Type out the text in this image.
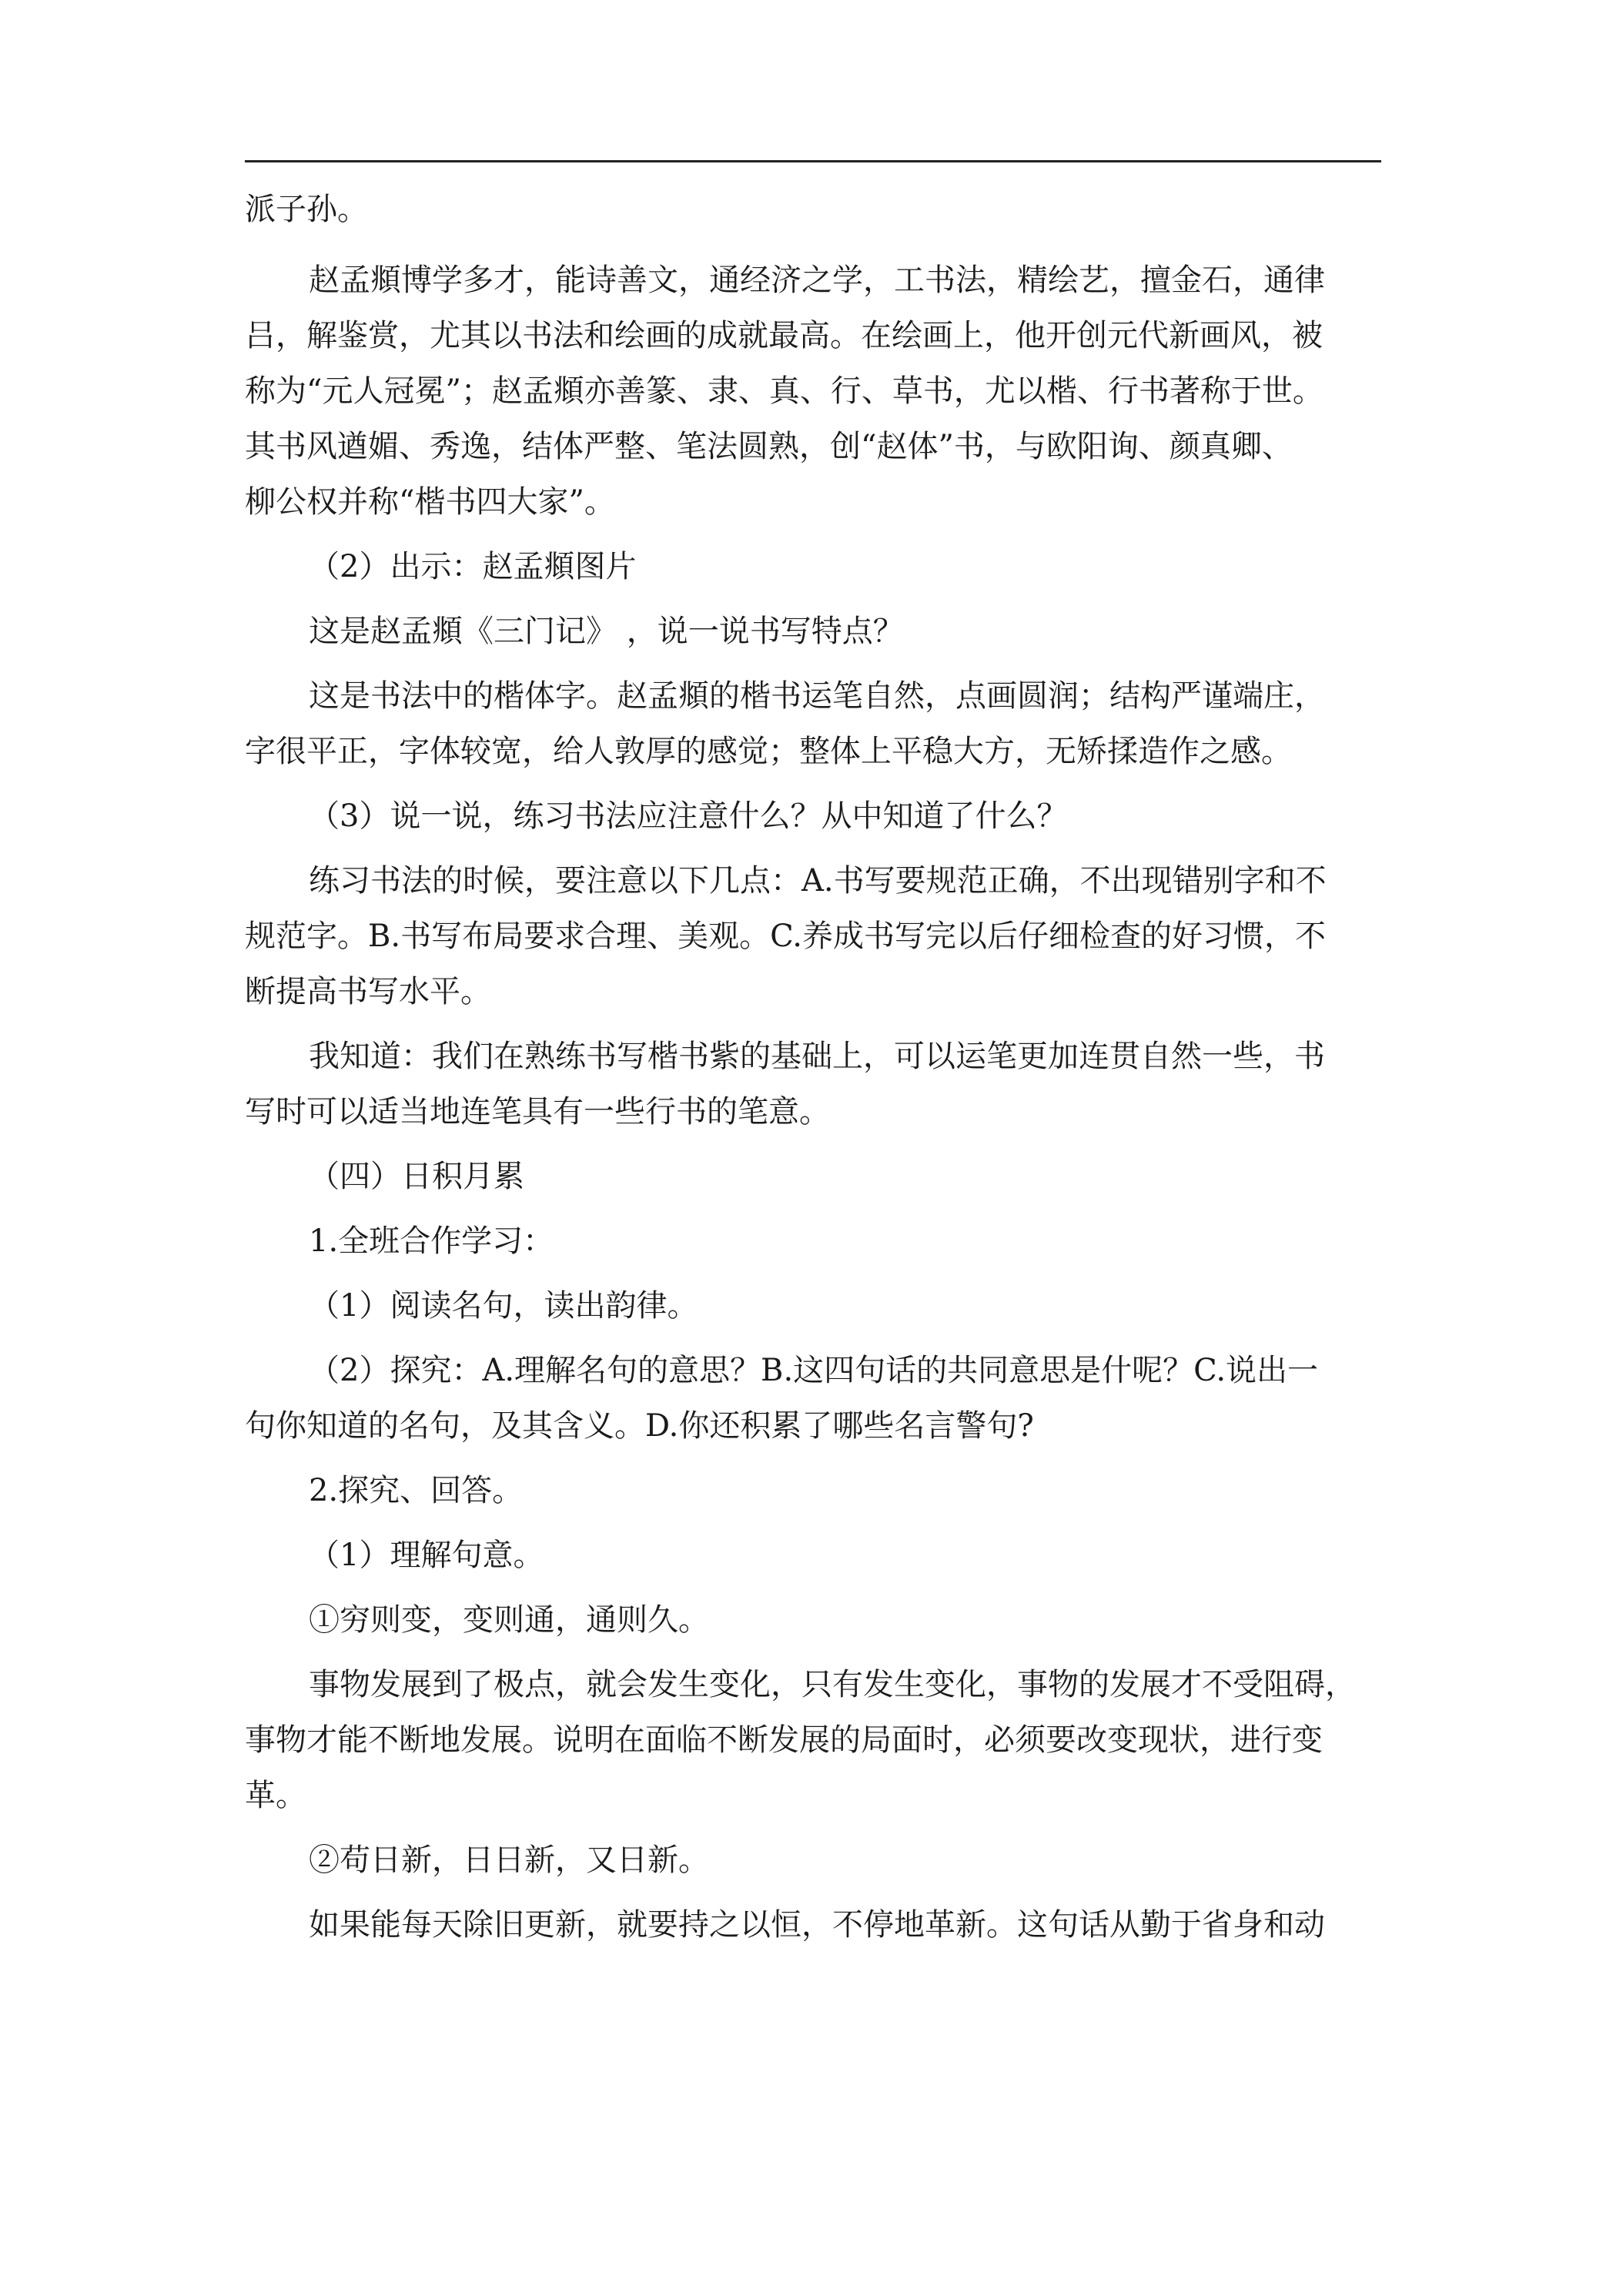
派子孙。
赵孟頫博学多才，能诗善文，通经济之学，工书法，精绘艺，擅金石，通律
吕，解鉴赏，尤其以书法和绘画的成就最高。在绘画上，他开创元代新画风，被
称为“元人冠冕”；赵孟頫亦善篆、隶、真、行、草书，尤以楷、行书著称于世。
其书风遒媚、秀逸，结体严整、笔法圆熟，创“赵体”书，与欧阳询、颜真卿、
柳公权并称“楷书四大家”。
（2）出示：赵孟頫图片
这是赵孟頫《三门记》 ，说一说书写特点？
这是书法中的楷体字。赵孟頫的楷书运笔自然，点画圆润；结构严谨端庄，
字很平正，字体较宽，给人敦厚的感觉；整体上平稳大方，无矫揉造作之感。
（3）说一说，练习书法应注意什么？从中知道了什么？
练习书法的时候，要注意以下几点：A.书写要规范正确，不出现错别字和不
规范字。B.书写布局要求合理、美观。C.养成书写完以后仔细检查的好习惯，不
断提高书写水平。
我知道：我们在熟练书写楷书紫的基础上，可以运笔更加连贯自然一些，书
写时可以适当地连笔具有一些行书的笔意。
（四）日积月累
1.全班合作学习：
（1）阅读名句，读出韵律。
（2）探究：A.理解名句的意思？B.这四句话的共同意思是什呢？C.说出一
句你知道的名句，及其含义。D.你还积累了哪些名言警句?
2.探究、回答。
（1）理解句意。
①穷则变，变则通，通则久。
事物发展到了极点，就会发生变化，只有发生变化，事物的发展才不受阻碍，
事物才能不断地发展。说明在面临不断发展的局面时，必须要改变现状，进行变
革。
②苟日新，日日新，又日新。
如果能每天除旧更新，就要持之以恒，不停地革新。这句话从勤于省身和动
